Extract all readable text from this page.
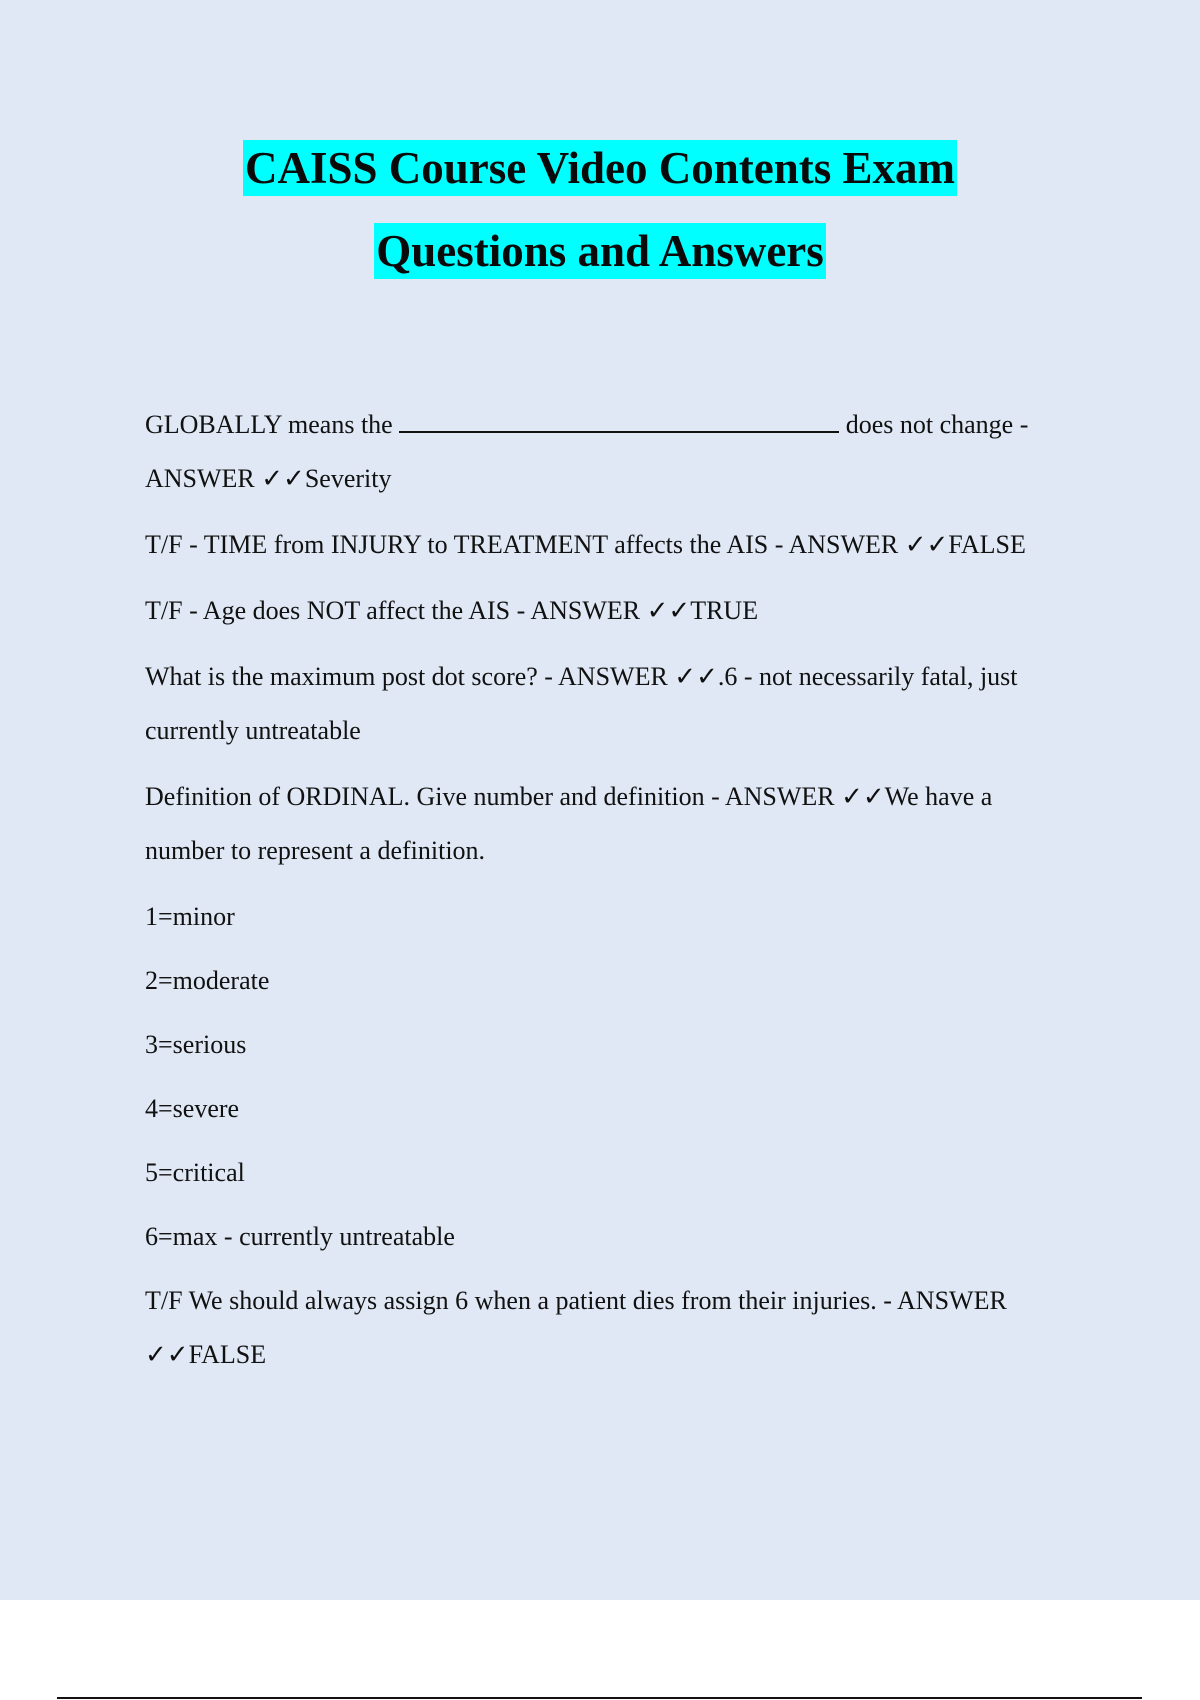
CAISS Course Video Contents Exam
Questions and Answers
GLOBALLY means the	does not change - ANSWER ✓✓Severity
T/F - TIME from INJURY to TREATMENT affects the AIS - ANSWER ✓✓FALSE
T/F - Age does NOT affect the AIS - ANSWER ✓✓TRUE
What is the maximum post dot score? - ANSWER ✓✓.6 - not necessarily fatal, just currently untreatable
Definition of ORDINAL. Give number and definition - ANSWER ✓✓We have a number to represent a definition.
1=minor
2=moderate
3=serious
4=severe
5=critical
6=max - currently untreatable
T/F We should always assign 6 when a patient dies from their injuries. - ANSWER ✓✓FALSE
